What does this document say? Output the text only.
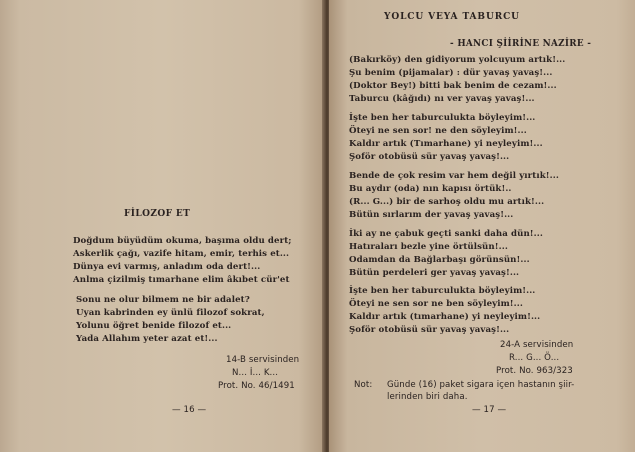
FİLOZOF ET
Doğdum büyüdüm okuma, başıma oldu dert;
Askerlik çağı, vazife hitam, emir, terhis et...
Dünya evi varmış, anladım oda dert!...
Anlma çizilmiş tımarhane elim âkıbet cür'et
Sonu ne olur bilmem ne bir adalet?
Uyan kabrinden ey ünlü filozof sokrat,
Yolunu öğret benide filozof et...
Yada Allahım yeter azat et!...
14-B servisinden
N... İ... K...
Prot. No. 46/1491
— 16 —
YOLCU VEYA TABURCU
- HANCI ŞİİRİNE NAZİRE -
(Bakırköy) den gidiyorum yolcuyum artık!...
Şu benim (pijamalar) : dür yavaş yavaş!...
(Doktor Bey!) bitti bak benim de cezam!...
Taburcu (kâğıdı) nı ver yavaş yavaş!...
İşte ben her taburculukta böyleyim!...
Öteyi ne sen sor! ne den söyleyim!...
Kaldır artık (Tımarhane) yi neyleyim!...
Şoför otobüsü sür yavaş yavaş!...
Bende de çok resim var hem değil yırtık!...
Bu aydır (oda) nın kapısı örtük!..
(R... G...) bir de sarhoş oldu mu artık!...
Bütün sırlarım der yavaş yavaş!...
İki ay ne çabuk geçti sanki daha dün!...
Hatıraları bezle yine örtülsün!...
Odamdan da Bağlarbaşı görünsün!...
Bütün perdeleri ger yavaş yavaş!...
İşte ben her taburculukta böyleyim!...
Öteyi ne sen sor ne ben söyleyim!...
Kaldır artık (tımarhane) yi neyleyim!...
Şoför otobüsü sür yavaş yavaş!...
24-A servisinden
R... G... Ö...
Prot. No. 963/323
Not: Günde (16) paket sigara içen hastanın şiir-
lerinden biri daha.
— 17 —
